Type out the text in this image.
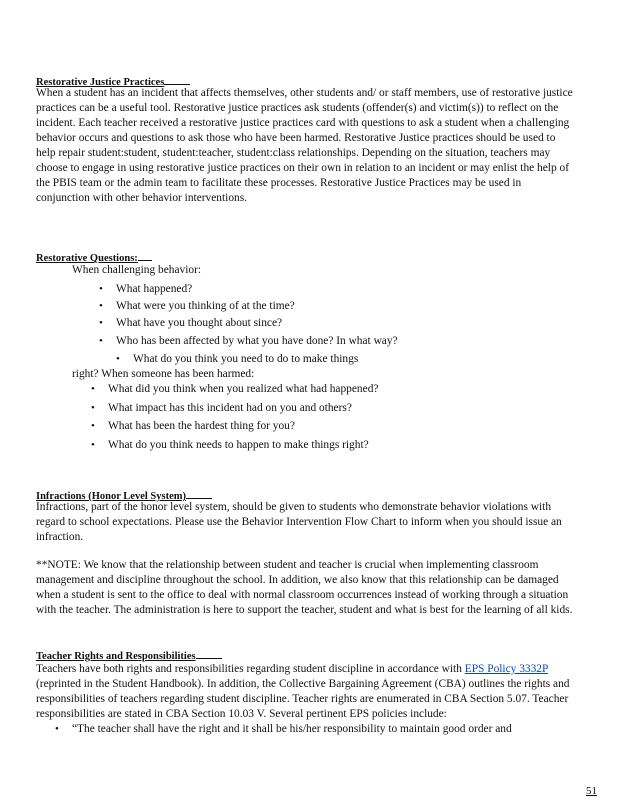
Restorative Justice Practices
When a student has an incident that affects themselves, other students and/ or staff members, use of restorative justice practices can be a useful tool. Restorative justice practices ask students (offender(s) and victim(s)) to reflect on the incident. Each teacher received a restorative justice practices card with questions to ask a student when a challenging behavior occurs and questions to ask those who have been harmed. Restorative Justice practices should be used to help repair student:student, student:teacher, student:class relationships. Depending on the situation, teachers may choose to engage in using restorative justice practices on their own in relation to an incident or may enlist the help of the PBIS team or the admin team to facilitate these processes. Restorative Justice Practices may be used in conjunction with other behavior interventions.
Restorative Questions:
When challenging behavior:
• What happened?
• What were you thinking of at the time?
• What have you thought about since?
• Who has been affected by what you have done? In what way?
• What do you think you need to do to make things
right? When someone has been harmed:
• What did you think when you realized what had happened?
• What impact has this incident had on you and others?
• What has been the hardest thing for you?
• What do you think needs to happen to make things right?
Infractions (Honor Level System)
Infractions, part of the honor level system, should be given to students who demonstrate behavior violations with regard to school expectations. Please use the Behavior Intervention Flow Chart to inform when you should issue an infraction.
**NOTE: We know that the relationship between student and teacher is crucial when implementing classroom management and discipline throughout the school. In addition, we also know that this relationship can be damaged when a student is sent to the office to deal with normal classroom occurrences instead of working through a situation with the teacher. The administration is here to support the teacher, student and what is best for the learning of all kids.
Teacher Rights and Responsibilities
Teachers have both rights and responsibilities regarding student discipline in accordance with EPS Policy 3332P (reprinted in the Student Handbook). In addition, the Collective Bargaining Agreement (CBA) outlines the rights and responsibilities of teachers regarding student discipline. Teacher rights are enumerated in CBA Section 5.07. Teacher responsibilities are stated in CBA Section 10.03 V. Several pertinent EPS policies include:
• “The teacher shall have the right and it shall be his/her responsibility to maintain good order and
51
